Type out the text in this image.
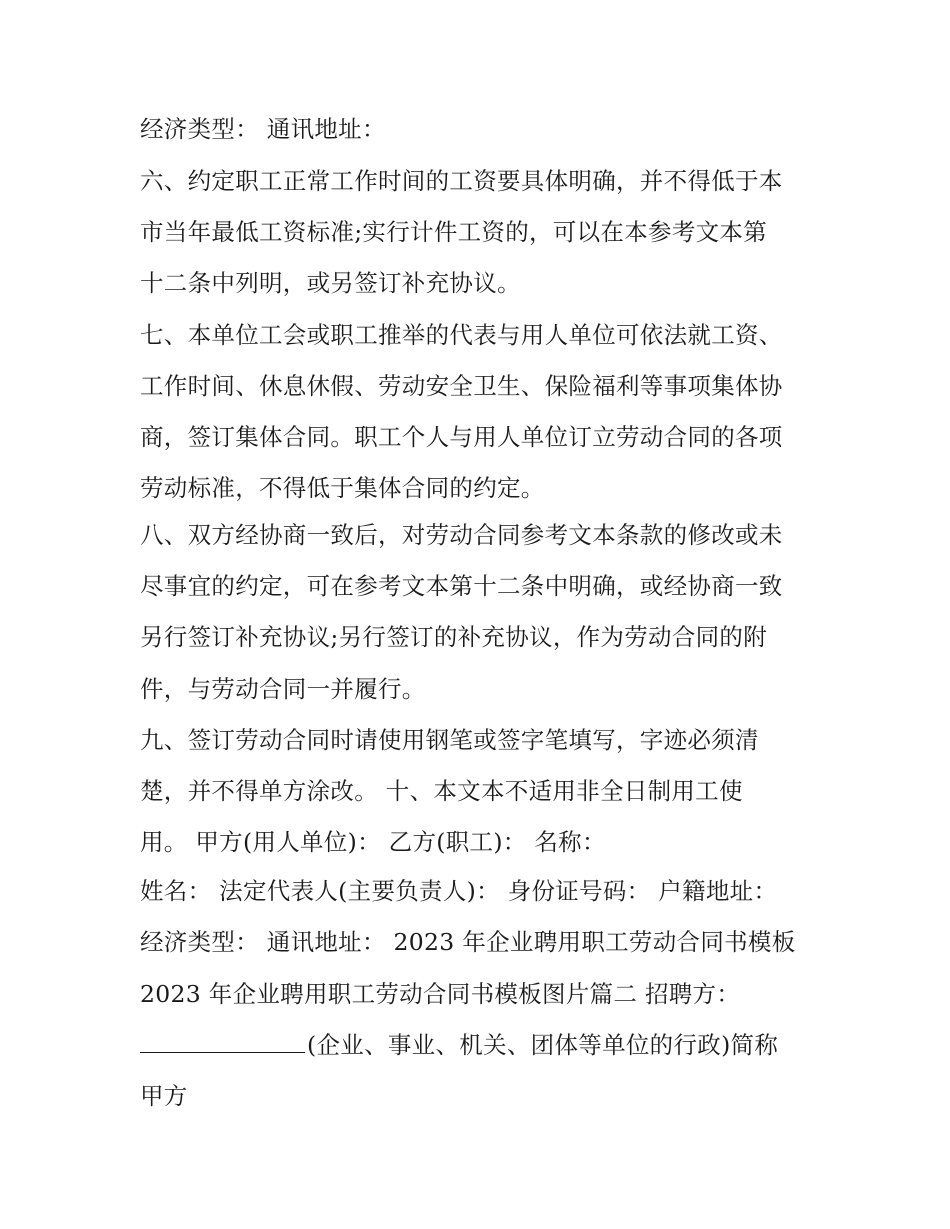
经济类型： 通讯地址：
六、约定职工正常工作时间的工资要具体明确，并不得低于本
市当年最低工资标准;实行计件工资的，可以在本参考文本第
十二条中列明，或另签订补充协议。
七、本单位工会或职工推举的代表与用人单位可依法就工资、
工作时间、休息休假、劳动安全卫生、保险福利等事项集体协
商，签订集体合同。职工个人与用人单位订立劳动合同的各项
劳动标准，不得低于集体合同的约定。
八、双方经协商一致后，对劳动合同参考文本条款的修改或未
尽事宜的约定，可在参考文本第十二条中明确，或经协商一致
另行签订补充协议;另行签订的补充协议，作为劳动合同的附
件，与劳动合同一并履行。
九、签订劳动合同时请使用钢笔或签字笔填写，字迹必须清
楚，并不得单方涂改。 十、本文本不适用非全日制用工使
用。 甲方(用人单位)： 乙方(职工)： 名称：
姓名： 法定代表人(主要负责人)： 身份证号码： 户籍地址：
经济类型： 通讯地址： 2023 年企业聘用职工劳动合同书模板
2023 年企业聘用职工劳动合同书模板图片篇二 招聘方：
(企业、事业、机关、团体等单位的行政)简称
甲方
